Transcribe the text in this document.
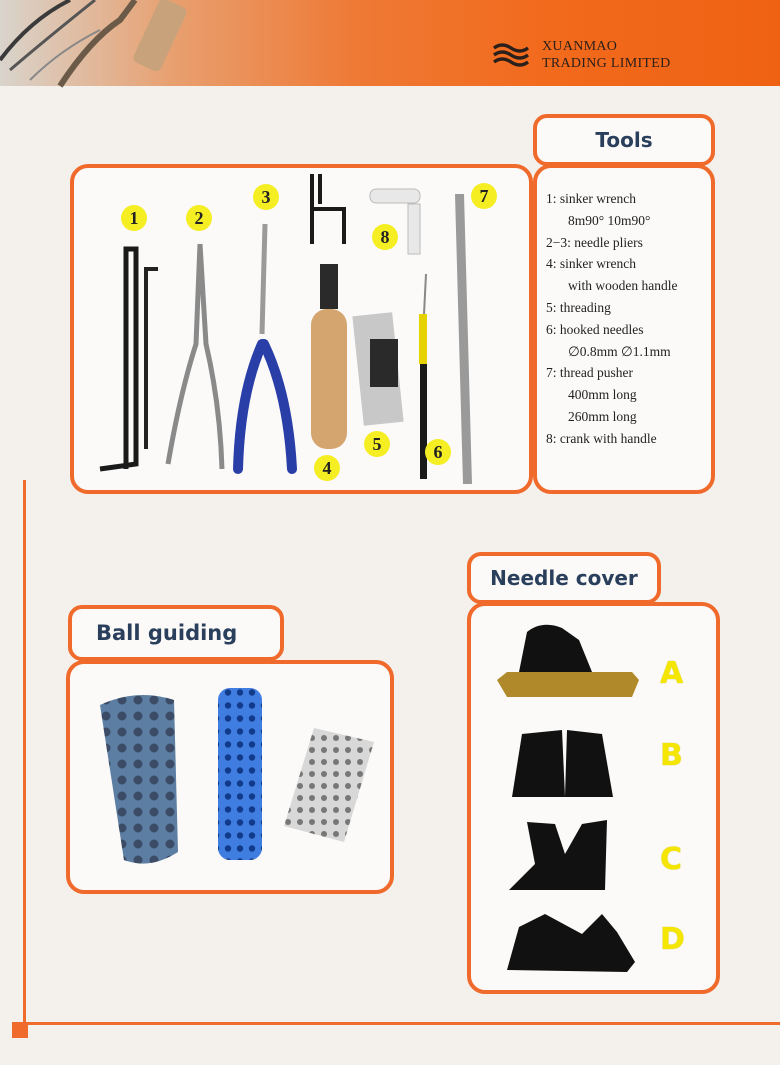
XUANMAO
TRADING LIMITED
Tools
1	2
3
4
5	6
7
8
1: sinker wrench
8m90° 10m90°
2−3: needle pliers
4: sinker wrench
with wooden handle
5: threading
6: hooked needles
∅0.8mm ∅1.1mm
7: thread pusher
400mm long
260mm long
8: crank with handle
Needle cover
A
B
C
D
Ball guiding
